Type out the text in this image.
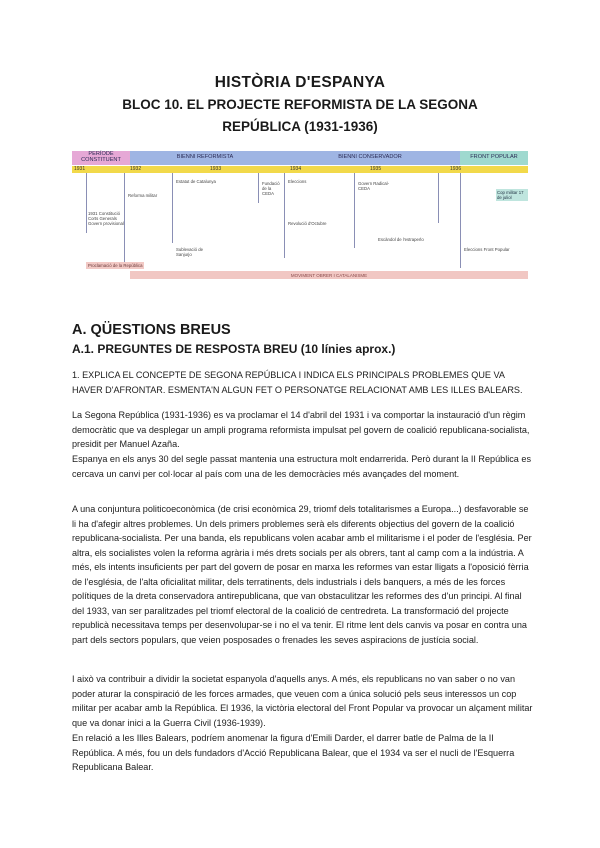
HISTÒRIA D'ESPANYA
BLOC 10. EL PROJECTE REFORMISTA DE LA SEGONA
REPÚBLICA (1931-1936)
PERÍODE CONSTITUENT	BIENNI REFORMISTA	BIENNI CONSERVADOR	FRONT POPULAR
1931	1932	1933	1934	1935	1936
1931 Constitució Corts Generals Govern provisional
Reforma militar
Estatut de Catalunya
Sublevació de Sanjurjo
Fundació de la CEDA
Eleccions
Revolució d'Octubre
Govern Radical-CEDA
Escàndol de l'estraperlo
Eleccions Front Popular
Cop militar 17 de juliol
Proclamació de la República
MOVIMENT OBRER I CATALANISME
A. QÜESTIONS BREUS
A.1. PREGUNTES DE RESPOSTA BREU (10 línies aprox.)
1. EXPLICA EL CONCEPTE DE SEGONA REPÚBLICA I INDICA ELS PRINCIPALS PROBLEMES QUE VA HAVER D'AFRONTAR. ESMENTA'N ALGUN FET O PERSONATGE RELACIONAT AMB LES ILLES BALEARS.
La Segona República (1931-1936) es va proclamar el 14 d'abril del 1931 i va comportar la instauració d'un règim democràtic que va desplegar un ampli programa reformista impulsat pel govern de coalició republicana-socialista, presidit per Manuel Azaña.
Espanya en els anys 30 del segle passat mantenia una estructura molt endarrerida. Però durant la II República es cercava un canvi per col·locar al país com una de les democràcies més avançades del moment.
A una conjuntura politicoeconòmica (de crisi econòmica 29, triomf dels totalitarismes a Europa...) desfavorable se li ha d'afegir altres problemes. Un dels primers problemes serà els diferents objectius del govern de la coalició republicana-socialista. Per una banda, els republicans volen acabar amb el militarisme i el poder de l'església. Per altra, els socialistes volen la reforma agrària i més drets socials per als obrers, tant al camp com a la indústria. A més, els intents insuficients per part del govern de posar en marxa les reformes van estar lligats a l'oposició fèrria de l'església, de l'alta oficialitat militar, dels terratinents, dels industrials i dels banquers, a més de les forces polítiques de la dreta conservadora antirepublicana, que van obstaculitzar les reformes des d'un principi. Al final del 1933, van ser paralitzades pel triomf electoral de la coalició de centredreta. La transformació del projecte republicà necessitava temps per desenvolupar-se i no el va tenir. El ritme lent dels canvis va posar en contra una part dels sectors populars, que veien posposades o frenades les seves aspiracions de justícia social.
I això va contribuir a dividir la societat espanyola d'aquells anys. A més, els republicans no van saber o no van poder aturar la conspiració de les forces armades, que veuen com a única solució pels seus interessos un cop militar per acabar amb la República. El 1936, la victòria electoral del Front Popular va provocar un alçament militar que va donar inici a la Guerra Civil (1936-1939).
En relació a les Illes Balears, podríem anomenar la figura d'Emili Darder, el darrer batle de Palma de la II República. A més, fou un dels fundadors d'Acció Republicana Balear, que el 1934 va ser el nucli de l'Esquerra Republicana Balear.
